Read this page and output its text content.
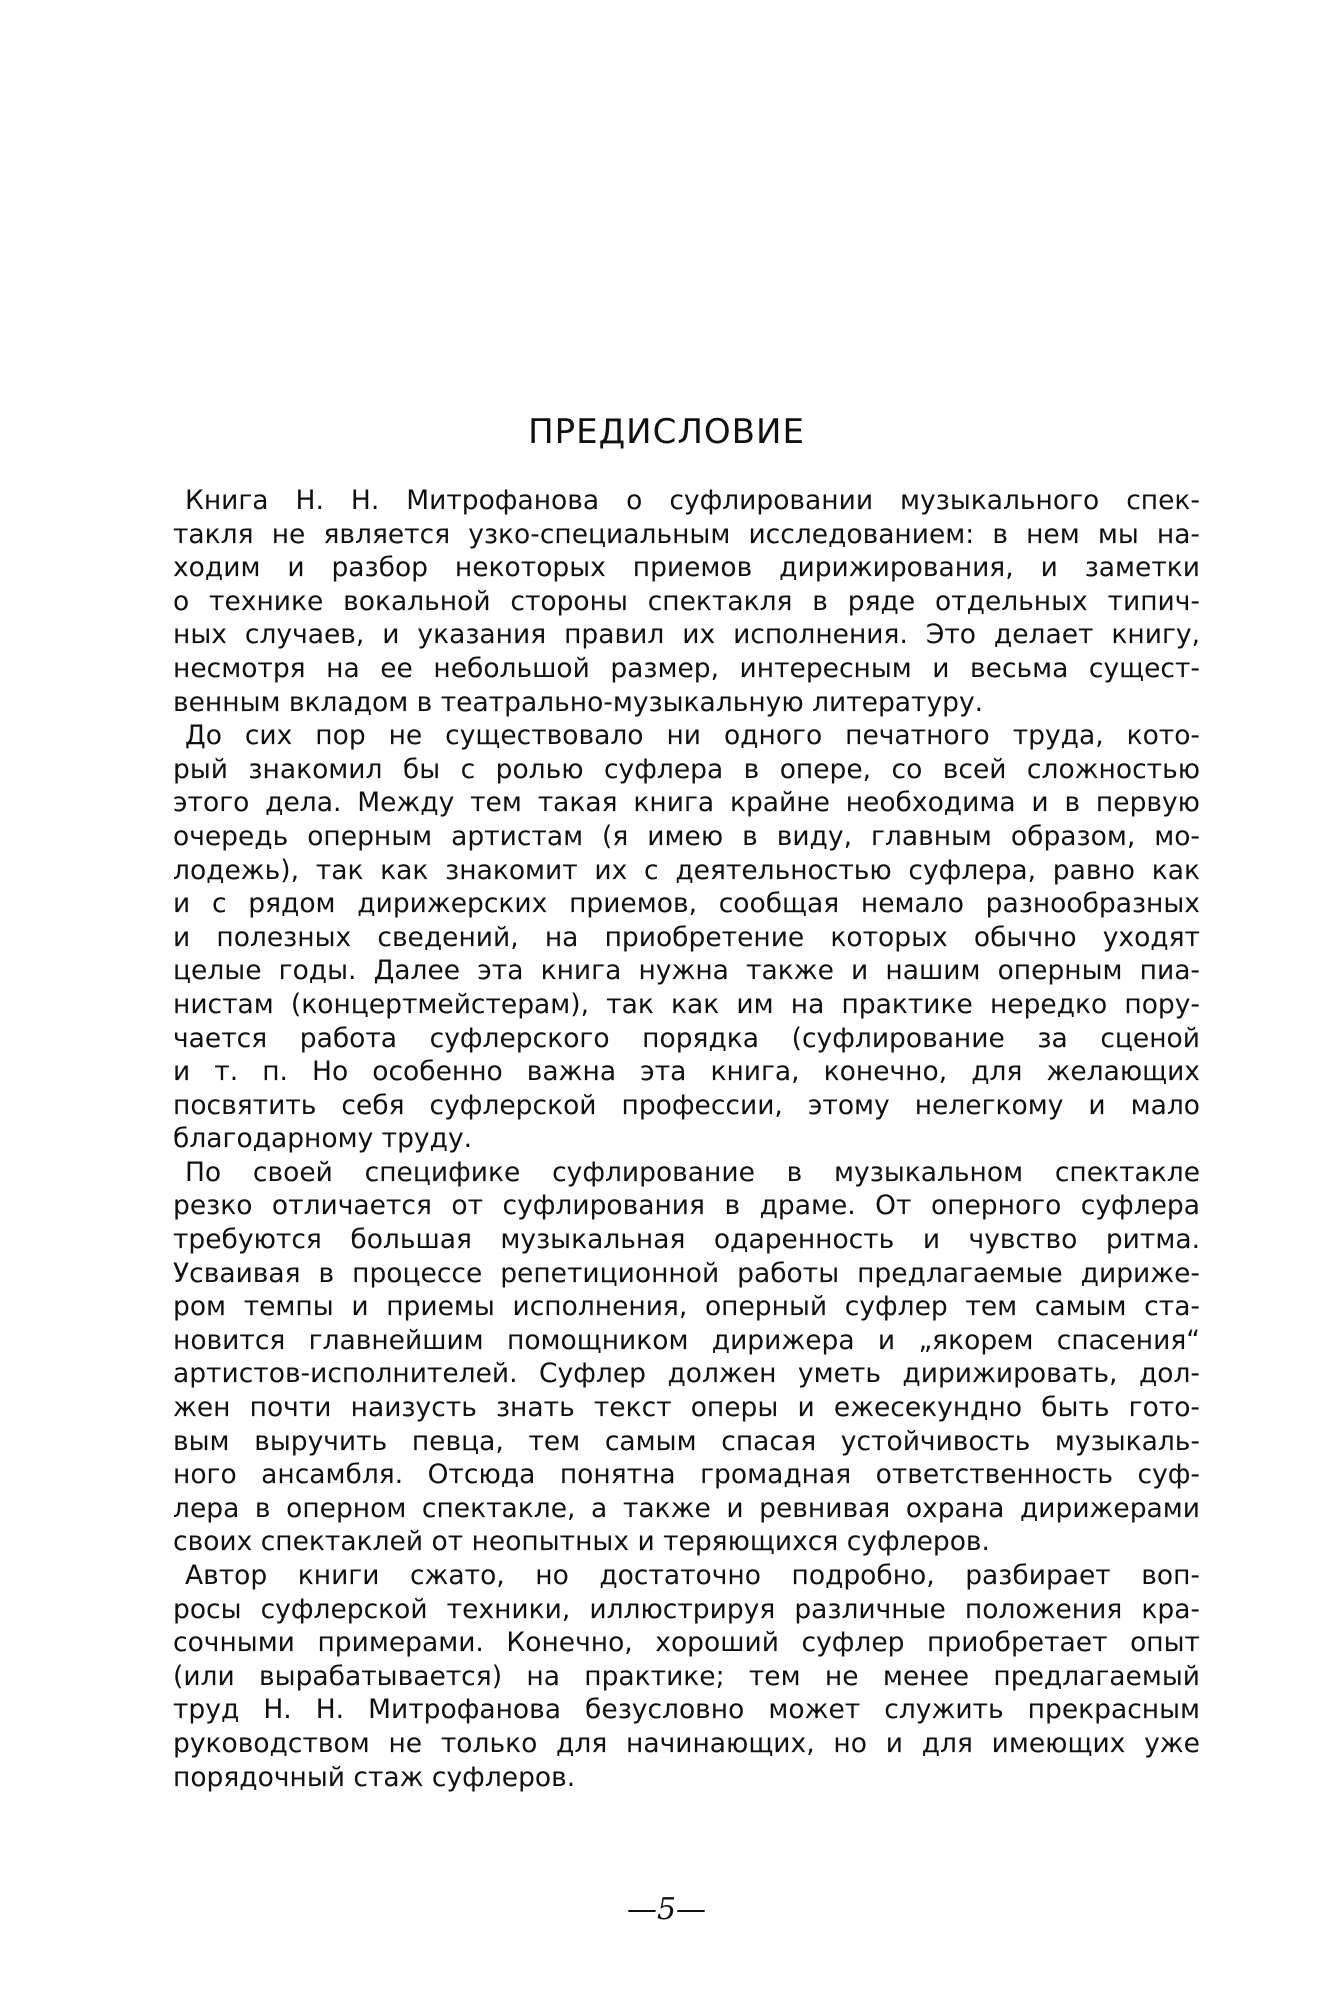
ПРЕДИСЛОВИЕ
Книга Н. Н. Митрофанова о суфлировании музыкального спек-
такля не является узко-специальным исследованием: в нем мы на-
ходим и разбор некоторых приемов дирижирования, и заметки
о технике вокальной стороны спектакля в ряде отдельных типич-
ных случаев, и указания правил их исполнения. Это делает книгу,
несмотря на ее небольшой размер, интересным и весьма сущест-
венным вкладом в театрально-музыкальную литературу.
До сих пор не существовало ни одного печатного труда, кото-
рый знакомил бы с ролью суфлера в опере, со всей сложностью
этого дела. Между тем такая книга крайне необходима и в первую
очередь оперным артистам (я имею в виду, главным образом, мо-
лодежь), так как знакомит их с деятельностью суфлера, равно как
и с рядом дирижерских приемов, сообщая немало разнообразных
и полезных сведений, на приобретение которых обычно уходят
целые годы. Далее эта книга нужна также и нашим оперным пиа-
нистам (концертмейстерам), так как им на практике нередко пору-
чается работа суфлерского порядка (суфлирование за сценой
и т. п. Но особенно важна эта книга, конечно, для желающих
посвятить себя суфлерской профессии, этому нелегкому и мало
благодарному труду.
По своей специфике суфлирование в музыкальном спектакле
резко отличается от суфлирования в драме. От оперного суфлера
требуются большая музыкальная одаренность и чувство ритма.
Усваивая в процессе репетиционной работы предлагаемые дириже-
ром темпы и приемы исполнения, оперный суфлер тем самым ста-
новится главнейшим помощником дирижера и „якорем спасения“
артистов-исполнителей. Суфлер должен уметь дирижировать, дол-
жен почти наизусть знать текст оперы и ежесекундно быть гото-
вым выручить певца, тем самым спасая устойчивость музыкаль-
ного ансамбля. Отсюда понятна громадная ответственность суф-
лера в оперном спектакле, а также и ревнивая охрана дирижерами
своих спектаклей от неопытных и теряющихся суфлеров.
Автор книги сжато, но достаточно подробно, разбирает воп-
росы суфлерской техники, иллюстрируя различные положения кра-
сочными примерами. Конечно, хороший суфлер приобретает опыт
(или вырабатывается) на практике; тем не менее предлагаемый
труд Н. Н. Митрофанова безусловно может служить прекрасным
руководством не только для начинающих, но и для имеющих уже
порядочный стаж суфлеров.
—5—
